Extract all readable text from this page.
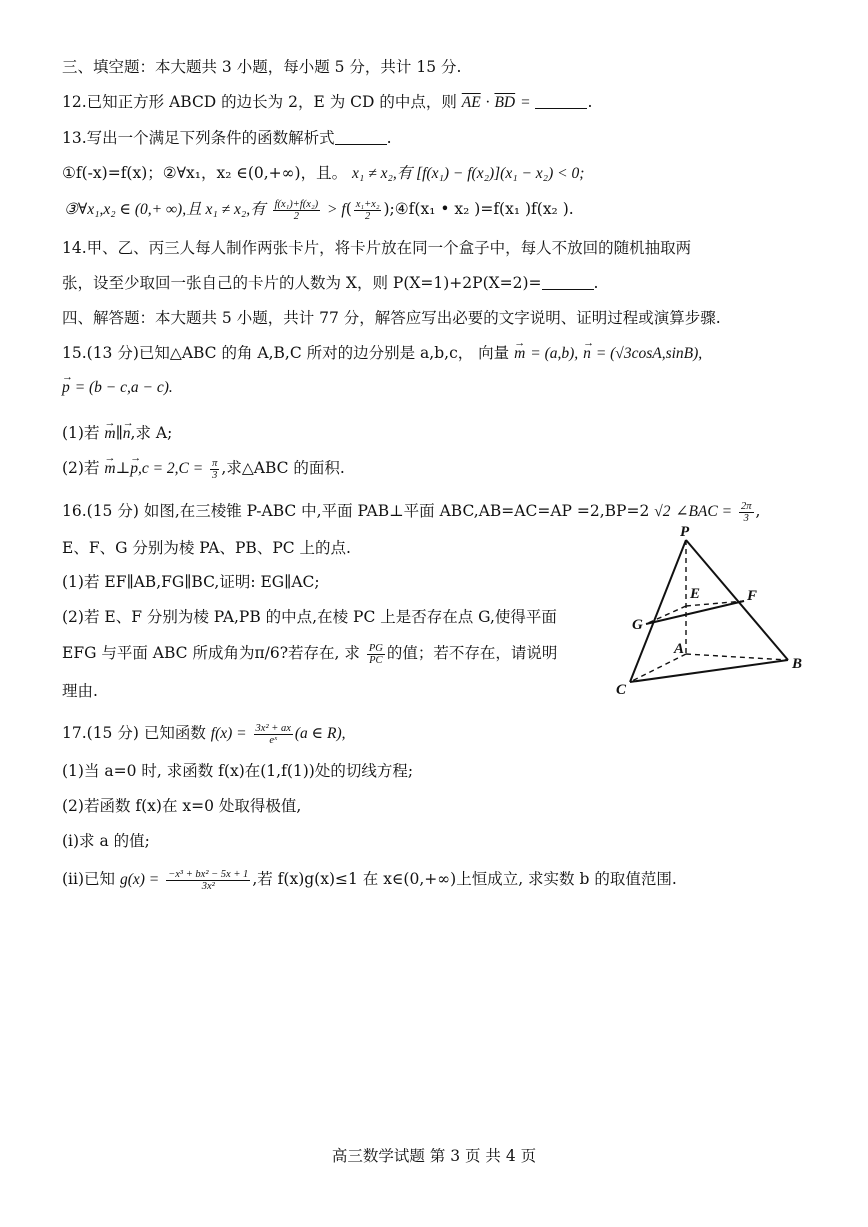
三、填空题：本大题共 3 小题，每小题 5 分，共计 15 分.
12.已知正方形 ABCD 的边长为 2，E 为 CD 的中点，则 $\overline{AE} \cdot \overline{BD}$ =	.
13.写出一个满足下列条件的函数解析式	.
①f(-x)=f(x)；②∀x₁，x₂ ∈(0,+∞)，且。 x₁ ≠ x₂,有 [f(x₁) − f(x₂)](x₁ − x₂) < 0;
③∀x₁,x₂ ∈ (0,+ ∞),且 x₁ ≠ x₂,有 $\frac{\text{f(x₁)+f(x₂)}}{2} > f( \frac{\text{x₁+x₂}}{2}$ );④f(x₁ • x₂ )=f(x₁ )f(x₂ ).
14.甲、乙、丙三人每人制作两张卡片，将卡片放在同一个盒子中，每人不放回的随机抽取两
张，设至少取回一张自己的卡片的人数为 X，则 P(X=1)+2P(X=2)=	.
四、解答题：本大题共 5 小题，共计 77 分，解答应写出必要的文字说明、证明过程或演算步骤.
15.(13 分)已知△ABC 的角 A,B,C 所对的边分别是 a,b,c， 向量 → m = (a,b), → n = (√3cosA,sinB),
→ p = (b − c,a − c).
(1)若 → m∥→ n,求 A;
(2)若 → m⊥→ $p,c = 2,C = \frac{\pi}{3}$ ,求△ABC 的面积.
16.(15 分) 如图,在三棱锥 P-ABC 中,平面 PAB⊥平面 ABC,AB=AC=AP =2,BP=2 √2 ∠BAC = $\frac{2\pi}{3}$ ,
E、F、G 分别为棱 PA、PB、PC 上的点.
(1)若 EF∥AB,FG∥BC,证明: EG∥AC;
(2)若 E、F 分别为棱 PA,PB 的中点,在棱 PC 上是否存在点 G,使得平面
EFG 与平面 ABC 所成角为π/6?若存在, 求 $\frac{PG}{PC}$ 的值；若不存在，请说明
理由.
P
E	F
G
A
B
C
17.(15 分) 已知函数 $f(x) = \frac{\text{3x² + ax}}{\text{eˣ}} (a$ ∈ R),
(1)当 a=0 时, 求函数 f(x)在(1,f(1))处的切线方程;
(2)若函数 f(x)在 x=0 处取得极值,
(i)求 a 的值;
(ii)已知 $g(x) = \frac{\text{−x³ + bx² − 5x + 1}}{\text{3x²}}$ ,若 f(x)g(x)≤1 在 x∈(0,+∞)上恒成立, 求实数 b 的取值范围.
高三数学试题 第 3 页 共 4 页
